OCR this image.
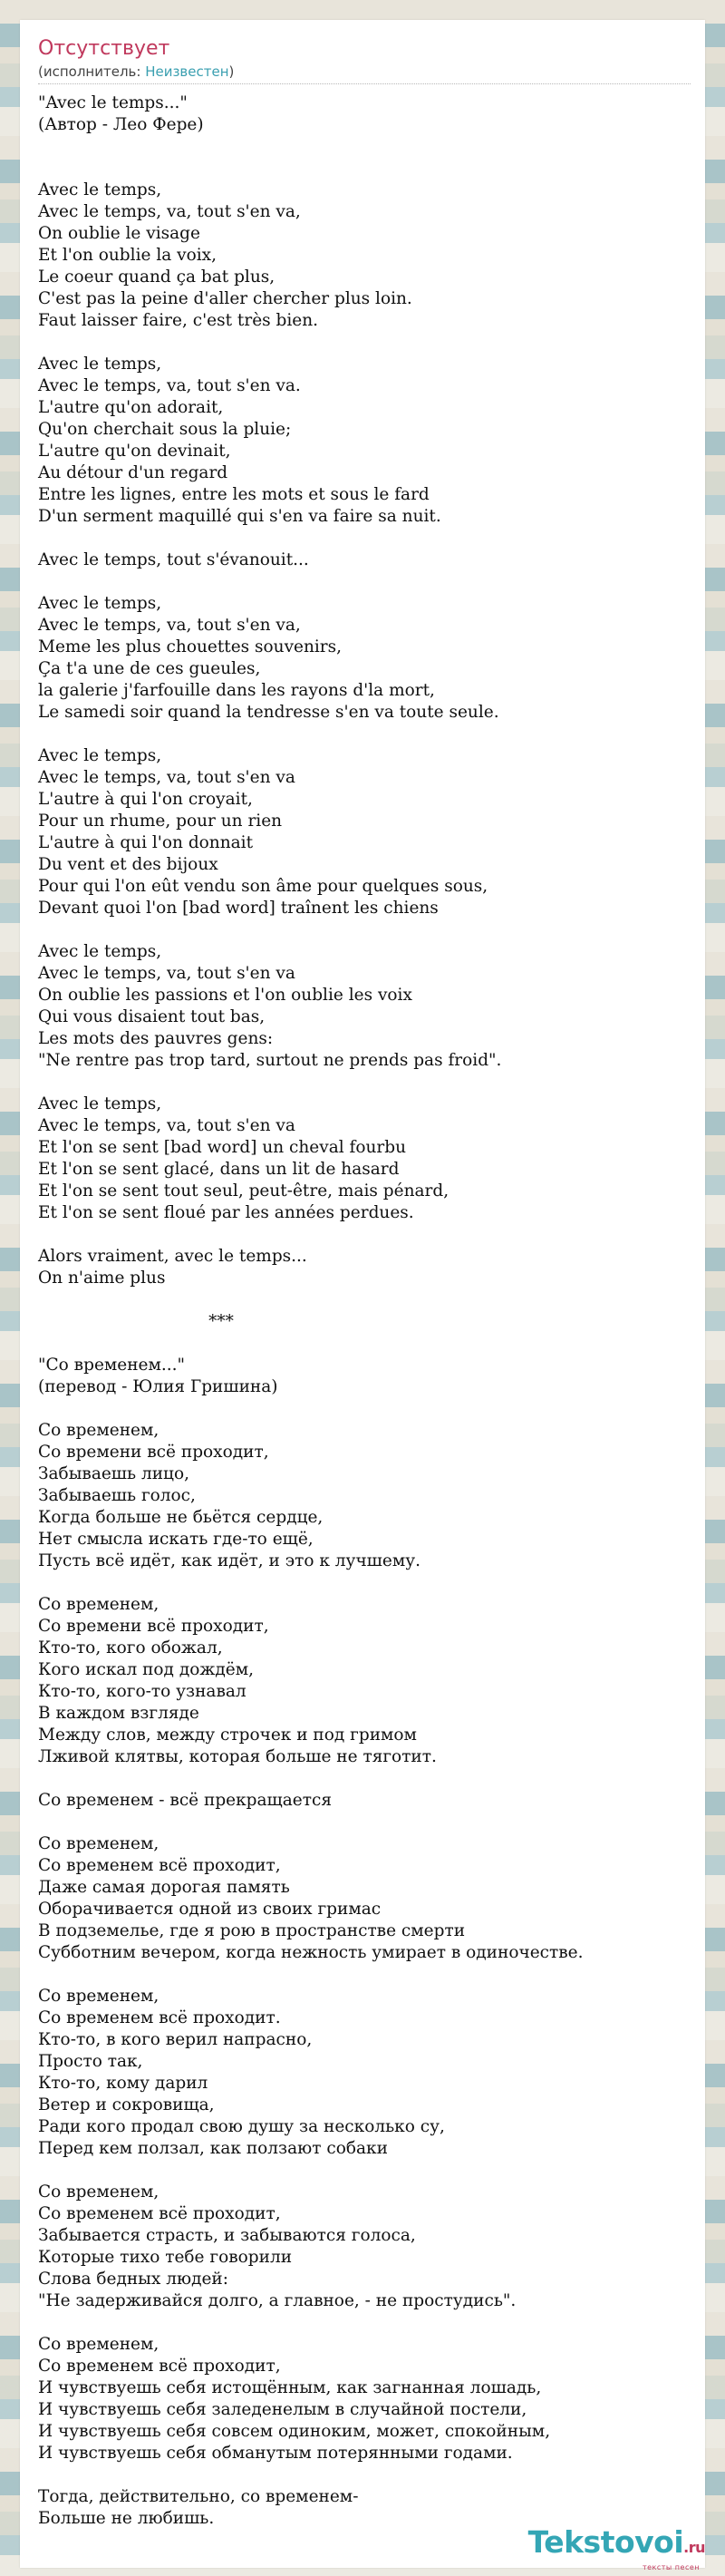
Отсутствует
(исполнитель: Неизвестен)
"Avec le temps..."
(Автор - Лео Фере)

Avec le temps,
Avec le temps, va, tout s'en va,
On oublie le visage
Et l'on oublie la voix,
Le coeur quand ça bat plus,
C'est pas la peine d'aller chercher plus loin.
Faut laisser faire, c'est très bien.

Avec le temps,
Avec le temps, va, tout s'en va.
L'autre qu'on adorait,
Qu'on cherchait sous la pluie;
L'autre qu'on devinait,
Au détour d'un regard
Entre les lignes, entre les mots et sous le fard
D'un serment maquillé qui s'en va faire sa nuit.

Avec le temps, tout s'évanouit...

Avec le temps,
Avec le temps, va, tout s'en va,
Meme les plus chouettes souvenirs,
Ça t'a une de ces gueules,
la galerie j'farfouille dans les rayons d'la mort,
Le samedi soir quand la tendresse s'en va toute seule.

Avec le temps,
Avec le temps, va, tout s'en va
L'autre à qui l'on croyait,
Pour un rhume, pour un rien
L'autre à qui l'on donnait
Du vent et des bijoux
Pour qui l'on eût vendu son âme pour quelques sous,
Devant quoi l'on [bad word] traînent les chiens

Avec le temps,
Avec le temps, va, tout s'en va
On oublie les passions et l'on oublie les voix
Qui vous disaient tout bas,
Les mots des pauvres gens:
"Ne rentre pas trop tard, surtout ne prends pas froid".

Avec le temps,
Avec le temps, va, tout s'en va
Et l'on se sent [bad word] un cheval fourbu
Et l'on se sent glacé, dans un lit de hasard
Et l'on se sent tout seul, peut-être, mais pénard,
Et l'on se sent floué par les années perdues.

Alors vraiment, avec le temps...
On n'aime plus

***

"Со временем..."
(перевод - Юлия Гришина)

Со временем,
Со времени всё проходит,
Забываешь лицо,
Забываешь голос,
Когда больше не бьётся сердце,
Нет смысла искать где-то ещё,
Пусть всё идёт, как идёт, и это к лучшему.

Со временем,
Со времени всё проходит,
Кто-то, кого обожал,
Кого искал под дождём,
Кто-то, кого-то узнавал
В каждом взгляде
Между слов, между строчек и под гримом
Лживой клятвы, которая больше не тяготит.

Со временем - всё прекращается

Со временем,
Со временем всё проходит,
Даже самая дорогая память
Оборачивается одной из своих гримас
В подземелье, где я рою в пространстве смерти
Субботним вечером, когда нежность умирает в одиночестве.

Со временем,
Со временем всё проходит.
Кто-то, в кого верил напрасно,
Просто так,
Кто-то, кому дарил
Ветер и сокровища,
Ради кого продал свою душу за несколько су,
Перед кем ползал, как ползают собаки

Со временем,
Со временем всё проходит,
Забывается страсть, и забываются голоса,
Которые тихо тебе говорили
Слова бедных людей:
"Не задерживайся долго, а главное, - не простудись".

Со временем,
Со временем всё проходит,
И чувствуешь себя истощённым, как загнанная лошадь,
И чувствуешь себя заледенелым в случайной постели,
И чувствуешь себя совсем одиноким, может, спокойным,
И чувствуешь себя обманутым потерянными годами.

Тогда, действительно, со временем-
Больше не любишь.
Tekstovoi.ru
тексты песен
